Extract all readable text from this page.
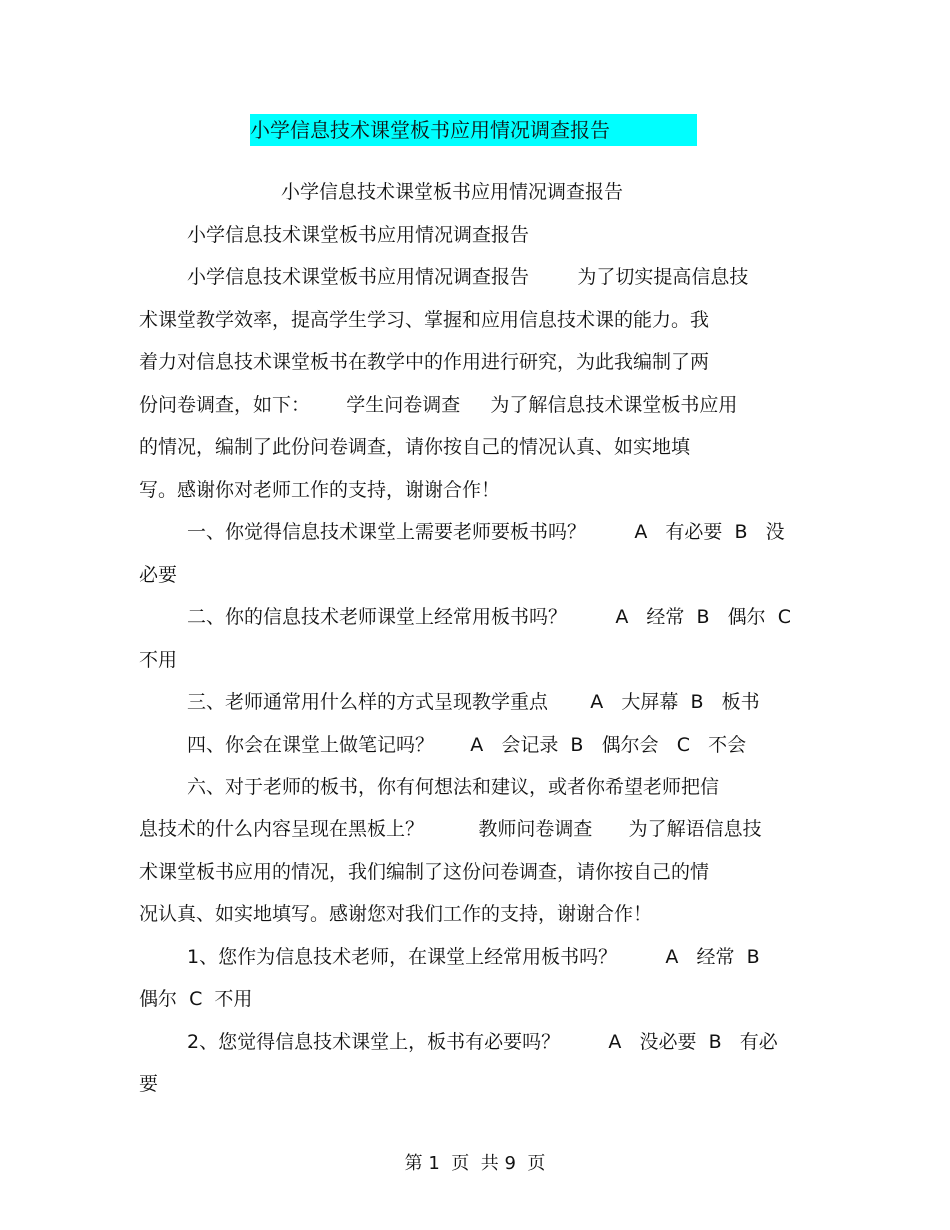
小学信息技术课堂板书应用情况调查报告
小学信息技术课堂板书应用情况调查报告
小学信息技术课堂板书应用情况调查报告
小学信息技术课堂板书应用情况调查报告        为了切实提高信息技
术课堂教学效率，提高学生学习、掌握和应用信息技术课的能力。我
着力对信息技术课堂板书在教学中的作用进行研究，为此我编制了两
份问卷调查，如下：      学生问卷调查     为了解信息技术课堂板书应用
的情况，编制了此份问卷调查，请你按自己的情况认真、如实地填
写。感谢你对老师工作的支持，谢谢合作！
一、你觉得信息技术课堂上需要老师要板书吗？        A   有必要  B   没
必要
二、你的信息技术老师课堂上经常用板书吗？        A   经常  B   偶尔  C
不用
三、老师通常用什么样的方式呈现教学重点       A   大屏幕  B   板书
四、你会在课堂上做笔记吗？      A   会记录  B   偶尔会   C   不会
六、对于老师的板书，你有何想法和建议，或者你希望老师把信
息技术的什么内容呈现在黑板上？         教师问卷调查      为了解语信息技
术课堂板书应用的情况，我们编制了这份问卷调查，请你按自己的情
况认真、如实地填写。感谢您对我们工作的支持，谢谢合作！
1、您作为信息技术老师，在课堂上经常用板书吗？        A   经常  B
偶尔  C  不用
2、您觉得信息技术课堂上，板书有必要吗？        A   没必要  B   有必
要
第 1  页  共 9  页
